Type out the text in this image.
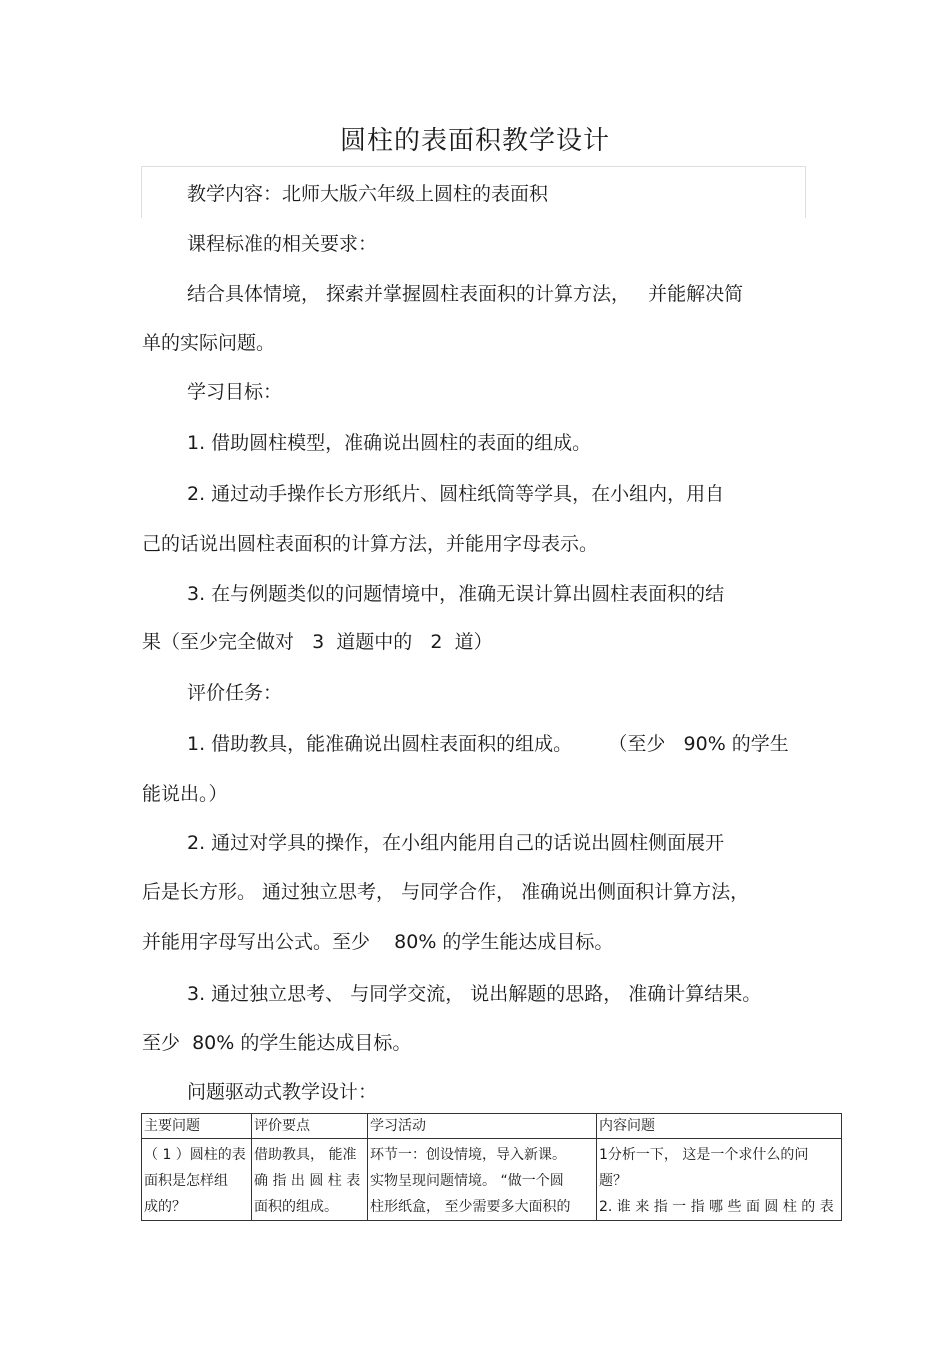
圆柱的表面积教学设计
教学内容：北师大版六年级上圆柱的表面积
课程标准的相关要求：
结合具体情境， 探索并掌握圆柱表面积的计算方法，   并能解决简
单的实际问题。
学习目标：
1. 借助圆柱模型，准确说出圆柱的表面的组成。
2. 通过动手操作长方形纸片、圆柱纸筒等学具，在小组内，用自
己的话说出圆柱表面积的计算方法，并能用字母表示。
3. 在与例题类似的问题情境中，准确无误计算出圆柱表面积的结
果（至少完全做对   3  道题中的   2  道）
评价任务：
1. 借助教具，能准确说出圆柱表面积的组成。      （至少   90% 的学生
能说出。）
2. 通过对学具的操作，在小组内能用自己的话说出圆柱侧面展开
后是长方形。 通过独立思考， 与同学合作， 准确说出侧面积计算方法，
并能用字母写出公式。至少    80% 的学生能达成目标。
3. 通过独立思考、 与同学交流， 说出解题的思路， 准确计算结果。
至少  80% 的学生能达成目标。
问题驱动式教学设计：
主要问题	评价要点	学习活动	内容问题

（ 1 ）圆柱的表
面积是怎样组
成的？	借助教具， 能准
确 指 出 圆 柱 表
面积的组成。	环节一：创设情境，导入新课。
实物呈现问题情境。 “做一个圆
柱形纸盒， 至少需要多大面积的	1分析一下， 这是一个求什么的问
题？
2. 谁 来 指 一 指 哪 些 面 圆 柱 的 表
